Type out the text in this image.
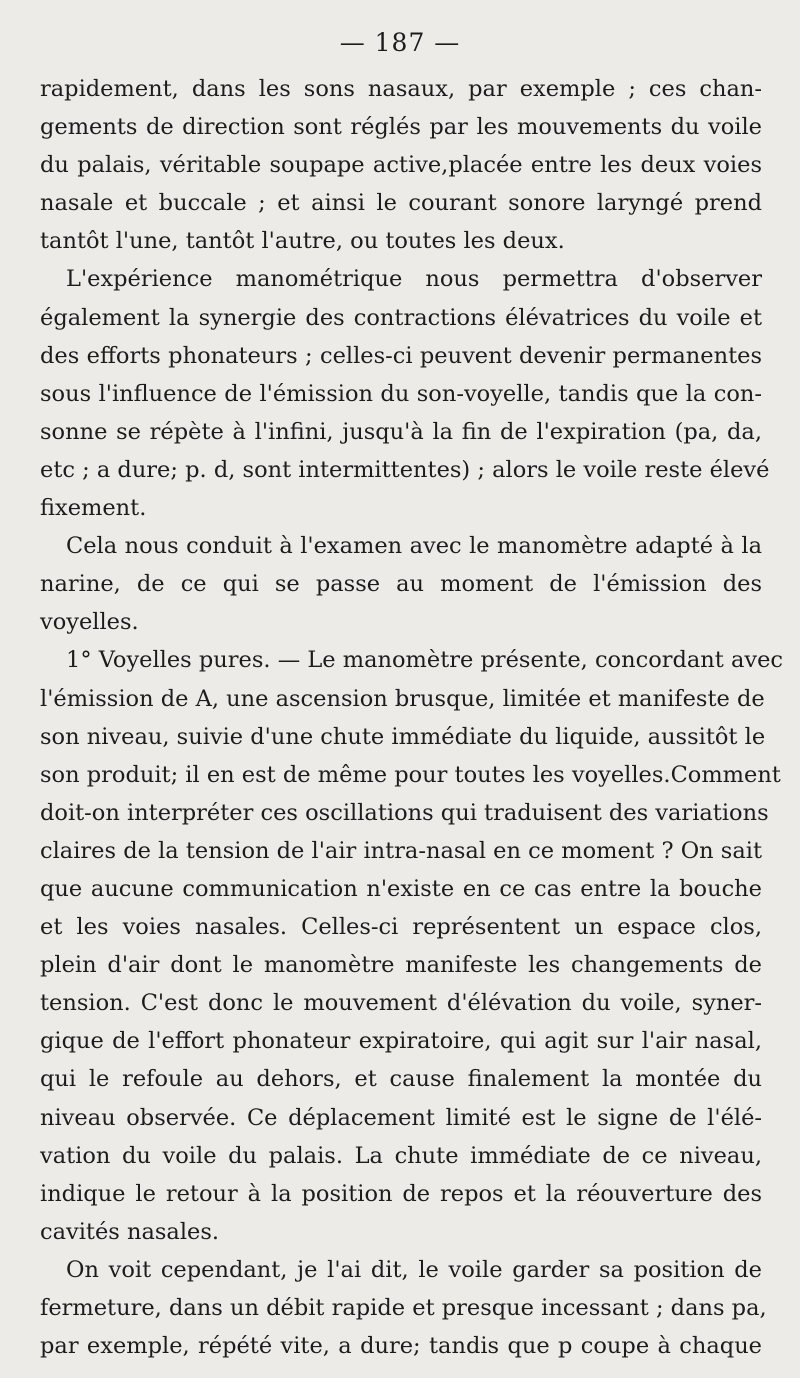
— 187 —
rapidement, dans les sons nasaux, par exemple ; ces chan-
gements de direction sont réglés par les mouvements du voile
du palais, véritable soupape active,placée entre les deux voies
nasale et buccale ; et ainsi le courant sonore laryngé prend
tantôt l'une, tantôt l'autre, ou toutes les deux.
L'expérience manométrique nous permettra d'observer
également la synergie des contractions élévatrices du voile et
des efforts phonateurs ; celles-ci peuvent devenir permanentes
sous l'influence de l'émission du son-voyelle, tandis que la con-
sonne se répète à l'infini, jusqu'à la fin de l'expiration (pa, da,
etc ; a dure; p. d, sont intermittentes) ; alors le voile reste élevé
fixement.
Cela nous conduit à l'examen avec le manomètre adapté à la
narine, de ce qui se passe au moment de l'émission des
voyelles.
1° Voyelles pures. — Le manomètre présente, concordant avec
l'émission de A, une ascension brusque, limitée et manifeste de
son niveau, suivie d'une chute immédiate du liquide, aussitôt le
son produit; il en est de même pour toutes les voyelles.Comment
doit-on interpréter ces oscillations qui traduisent des variations
claires de la tension de l'air intra-nasal en ce moment ? On sait
que aucune communication n'existe en ce cas entre la bouche
et les voies nasales. Celles-ci représentent un espace clos,
plein d'air dont le manomètre manifeste les changements de
tension. C'est donc le mouvement d'élévation du voile, syner-
gique de l'effort phonateur expiratoire, qui agit sur l'air nasal,
qui le refoule au dehors, et cause finalement la montée du
niveau observée. Ce déplacement limité est le signe de l'élé-
vation du voile du palais. La chute immédiate de ce niveau,
indique le retour à la position de repos et la réouverture des
cavités nasales.
On voit cependant, je l'ai dit, le voile garder sa position de
fermeture, dans un débit rapide et presque incessant ; dans pa,
par exemple, répété vite, a dure; tandis que p coupe à chaque
